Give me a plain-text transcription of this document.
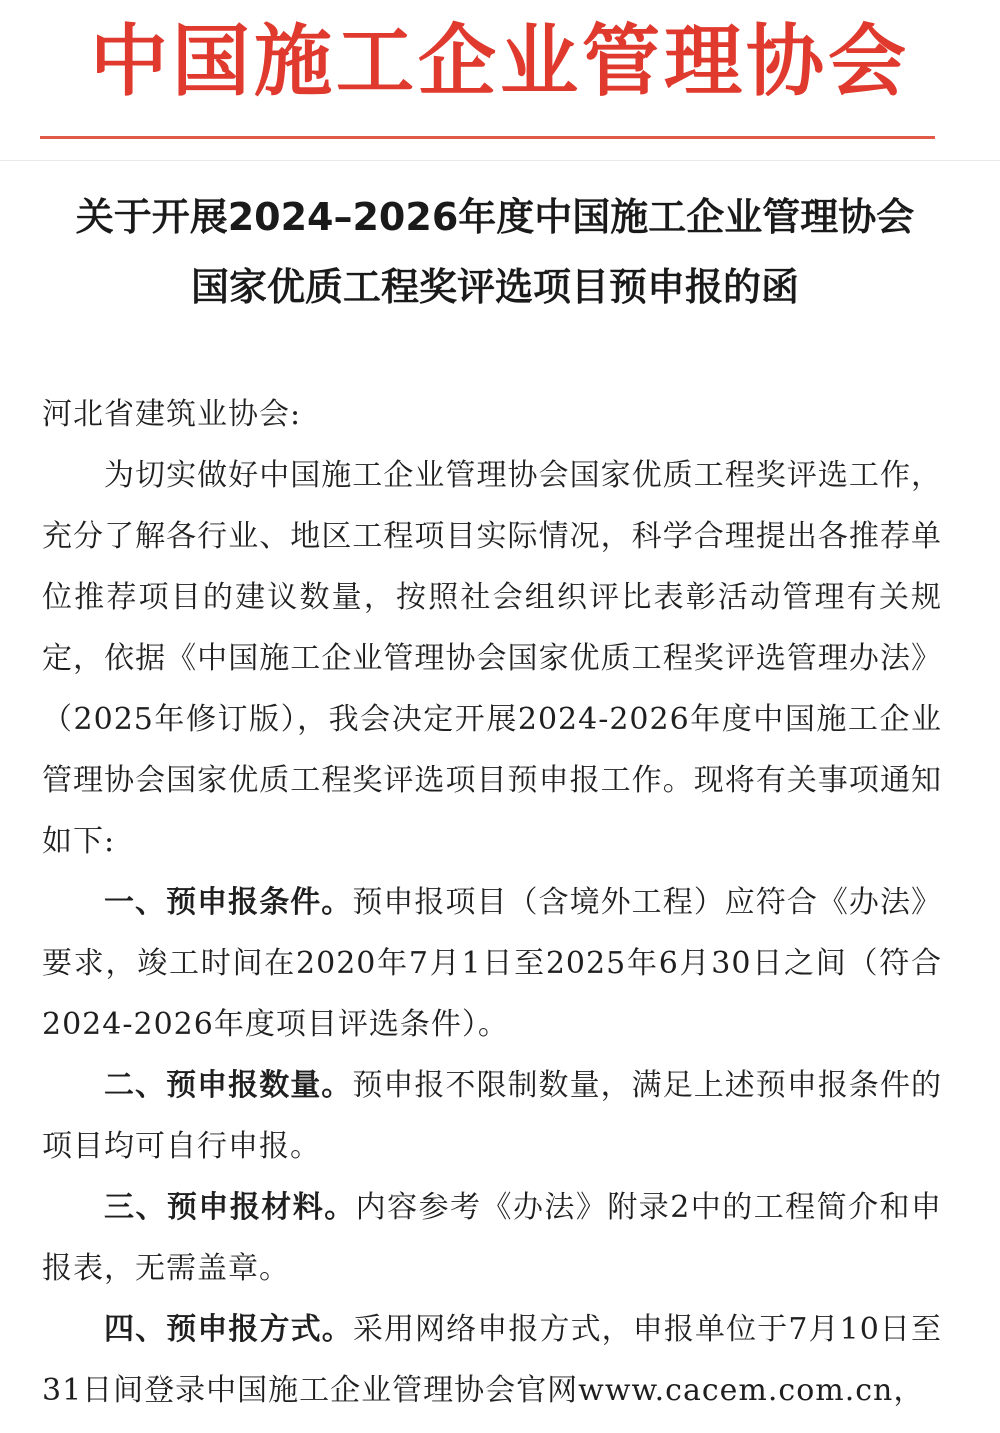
中国施工企业管理协会
关于开展2024–2026年度中国施工企业管理协会
国家优质工程奖评选项目预申报的函

河北省建筑业协会:

为切实做好中国施工企业管理协会国家优质工程奖评选工作，充分了解各行业、地区工程项目实际情况，科学合理提出各推荐单位推荐项目的建议数量，按照社会组织评比表彰活动管理有关规定，依据《中国施工企业管理协会国家优质工程奖评选管理办法》（2025年修订版），我会决定开展2024-2026年度中国施工企业管理协会国家优质工程奖评选项目预申报工作。现将有关事项通知如下:

一、预申报条件。预申报项目（含境外工程）应符合《办法》要求，竣工时间在2020年7月1日至2025年6月30日之间（符合2024-2026年度项目评选条件）。

二、预申报数量。预申报不限制数量，满足上述预申报条件的项目均可自行申报。

三、预申报材料。内容参考《办法》附录2中的工程简介和申报表，无需盖章。

四、预申报方式。采用网络申报方式，申报单位于7月10日至31日间登录中国施工企业管理协会官网www.cacem.com.cn，
